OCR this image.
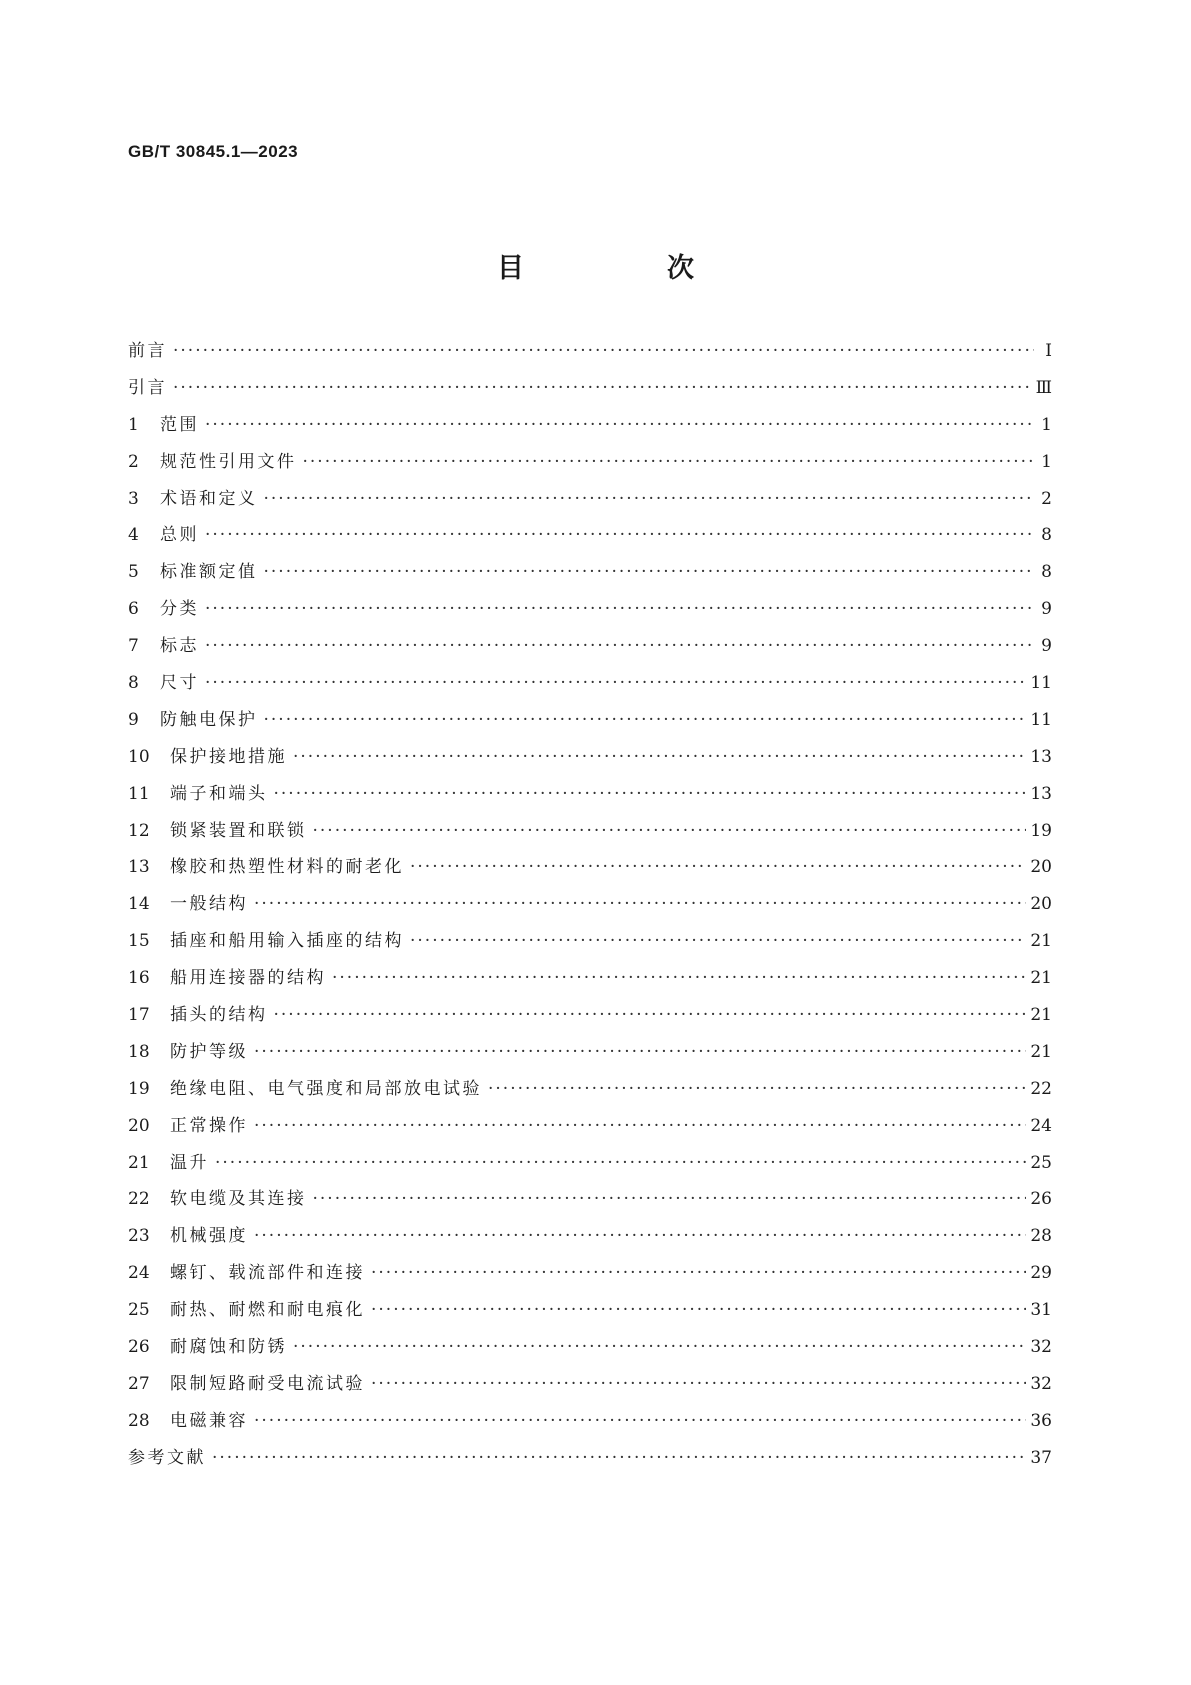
GB/T 30845.1—2023
目　次
前言 ·····	Ⅰ
引言 ·····	Ⅲ
1	范围 ·····	1
2	规范性引用文件 ·····	1
3	术语和定义 ·····	2
4	总则 ·····	8
5	标准额定值 ·····	8
6	分类 ·····	9
7	标志 ·····	9
8	尺寸 ·····	11
9	防触电保护 ·····	11
10	保护接地措施 ·····	13
11	端子和端头 ·····	13
12	锁紧装置和联锁 ·····	19
13	橡胶和热塑性材料的耐老化 ·····	20
14	一般结构 ·····	20
15	插座和船用输入插座的结构 ·····	21
16	船用连接器的结构 ·····	21
17	插头的结构 ·····	21
18	防护等级 ·····	21
19	绝缘电阻、电气强度和局部放电试验 ·····	22
20	正常操作 ·····	24
21	温升 ·····	25
22	软电缆及其连接 ·····	26
23	机械强度 ·····	28
24	螺钉、载流部件和连接 ·····	29
25	耐热、耐燃和耐电痕化 ·····	31
26	耐腐蚀和防锈 ·····	32
27	限制短路耐受电流试验 ·····	32
28	电磁兼容 ·····	36
参考文献 ·····	37
